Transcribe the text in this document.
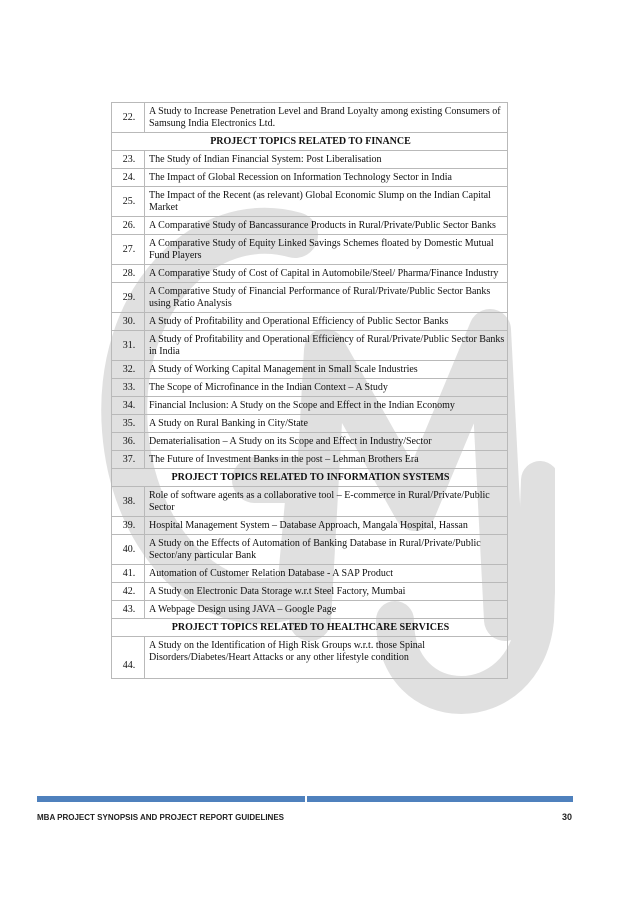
GMU
22.	A Study to Increase Penetration Level and Brand Loyalty among existing Consumers of Samsung India Electronics Ltd.
PROJECT TOPICS RELATED TO FINANCE	
23.	The Study of Indian Financial System: Post Liberalisation
24.	The Impact of Global Recession on Information Technology Sector in India
25.	The Impact of the Recent (as relevant) Global Economic Slump on the Indian Capital Market
26.	A Comparative Study of Bancassurance Products in Rural/Private/Public Sector Banks
27.	A Comparative Study of Equity Linked Savings Schemes floated by Domestic Mutual Fund Players
28.	A Comparative Study of Cost of Capital in Automobile/Steel/ Pharma/Finance Industry
29.	A Comparative Study of Financial Performance of Rural/Private/Public Sector Banks using Ratio Analysis
30.	A Study of Profitability and Operational Efficiency of Public Sector Banks
31.	A Study of Profitability and Operational Efficiency of Rural/Private/Public Sector Banks in India
32.	A Study of Working Capital Management in Small Scale Industries
33.	The Scope of Microfinance in the Indian Context – A Study
34.	Financial Inclusion: A Study on the Scope and Effect in the Indian Economy
35.	A Study on Rural Banking in City/State
36.	Dematerialisation – A Study on its Scope and Effect in Industry/Sector
37.	The Future of Investment Banks in the post – Lehman Brothers Era
PROJECT TOPICS RELATED TO INFORMATION SYSTEMS	
38.	Role of software agents as a collaborative tool – E-commerce in Rural/Private/Public Sector
39.	Hospital Management System – Database Approach, Mangala Hospital, Hassan
40.	A Study on the Effects of Automation of Banking Database in Rural/Private/Public Sector/any particular Bank
41.	Automation of Customer Relation Database - A SAP Product
42.	A Study on Electronic Data Storage w.r.t Steel Factory, Mumbai
43.	A Webpage Design using JAVA – Google Page
PROJECT TOPICS RELATED TO HEALTHCARE SERVICES	
44.	A Study on the Identification of High Risk Groups w.r.t. those Spinal Disorders/Diabetes/Heart Attacks or any other lifestyle condition
MBA PROJECT SYNOPSIS AND PROJECT REPORT GUIDELINES	30
